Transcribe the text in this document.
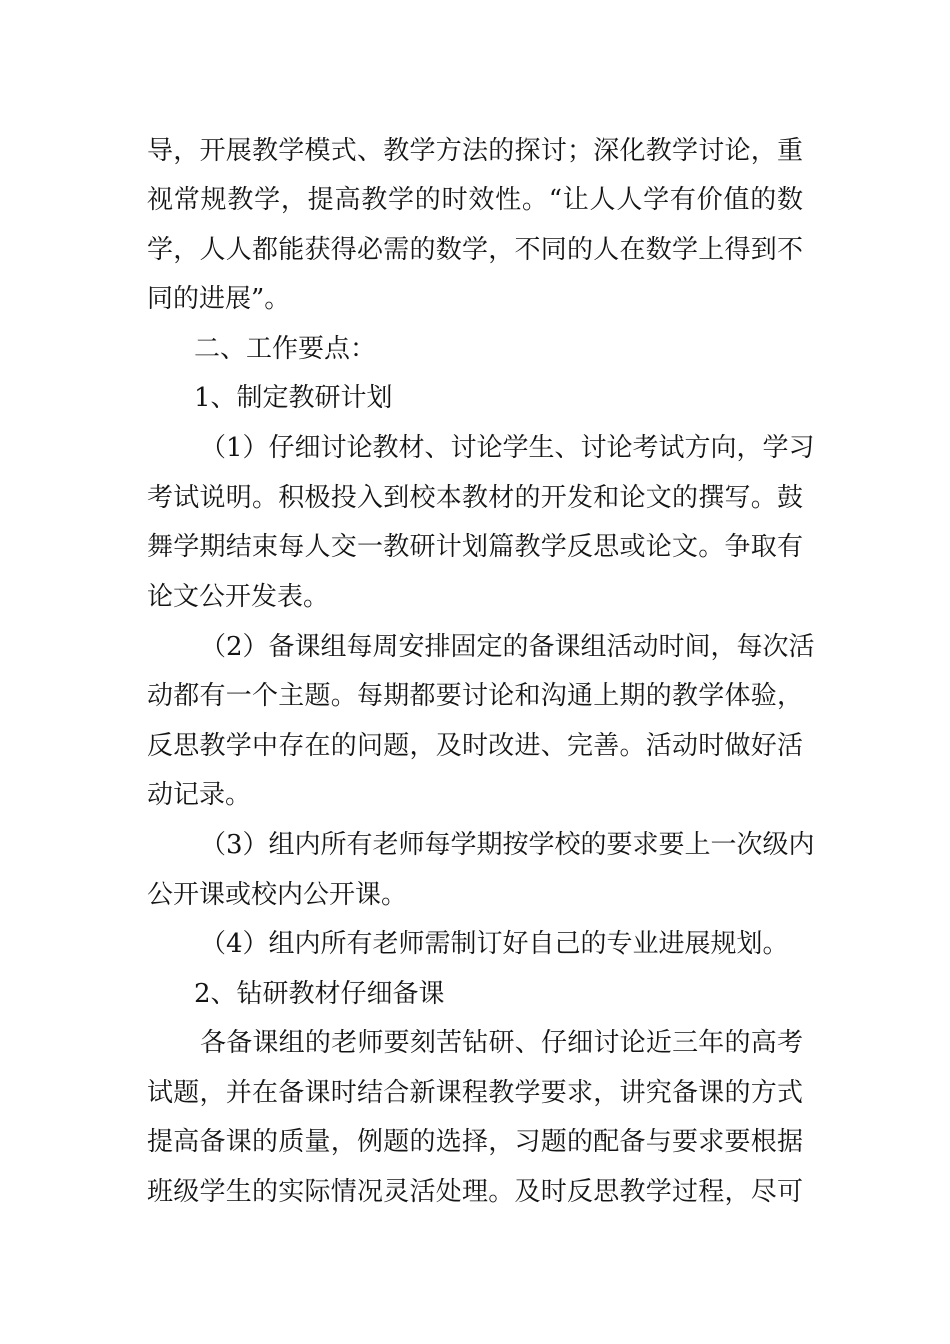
导，开展教学模式、教学方法的探讨；深化教学讨论，重
视常规教学，提高教学的时效性。“让人人学有价值的数
学，人人都能获得必需的数学，不同的人在数学上得到不
同的进展”。
二、工作要点：
1、制定教研计划
（1）仔细讨论教材、讨论学生、讨论考试方向，学习
考试说明。积极投入到校本教材的开发和论文的撰写。鼓
舞学期结束每人交一教研计划篇教学反思或论文。争取有
论文公开发表。
（2）备课组每周安排固定的备课组活动时间，每次活
动都有一个主题。每期都要讨论和沟通上期的教学体验，
反思教学中存在的问题，及时改进、完善。活动时做好活
动记录。
（3）组内所有老师每学期按学校的要求要上一次级内
公开课或校内公开课。
（4）组内所有老师需制订好自己的专业进展规划。
2、钻研教材仔细备课
各备课组的老师要刻苦钻研、仔细讨论近三年的高考
试题，并在备课时结合新课程教学要求，讲究备课的方式
提高备课的质量，例题的选择，习题的配备与要求要根据
班级学生的实际情况灵活处理。及时反思教学过程，尽可
